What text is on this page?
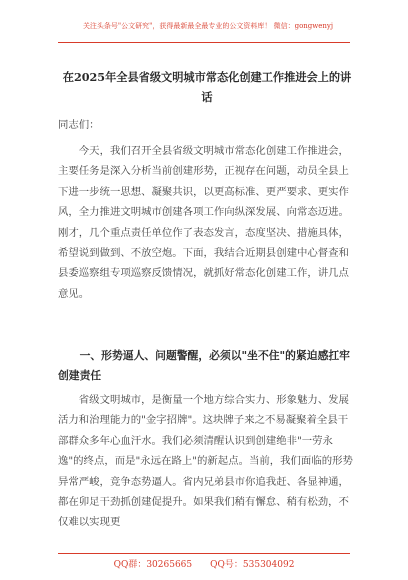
关注头条号"公文研究"，获得最新最全最专业的公文资料库！ 微信：gongwenyj
在2025年全县省级文明城市常态化创建工作推进会上的讲话
同志们：
今天，我们召开全县省级文明城市常态化创建工作推进会，主要任务是深入分析当前创建形势，正视存在问题，动员全县上下进一步统一思想、凝聚共识，以更高标准、更严要求、更实作风，全力推进文明城市创建各项工作向纵深发展、向常态迈进。刚才，几个重点责任单位作了表态发言，态度坚决、措施具体，希望说到做到、不放空炮。下面，我结合近期县创建中心督查和县委巡察组专项巡察反馈情况，就抓好常态化创建工作，讲几点意见。
一、形势逼人、问题警醒，必须以"坐不住"的紧迫感扛牢创建责任
省级文明城市，是衡量一个地方综合实力、形象魅力、发展活力和治理能力的"金字招牌"。这块牌子来之不易凝聚着全县干部群众多年心血汗水。我们必须清醒认识到创建绝非"一劳永逸"的终点，而是"永远在路上"的新起点。当前，我们面临的形势异常严峻，竞争态势逼人。省内兄弟县市你追我赶、各显神通，都在卯足干劲抓创建促提升。如果我们稍有懈怠、稍有松劲，不仅难以实现更
QQ群：30265665　　QQ号：535304092
